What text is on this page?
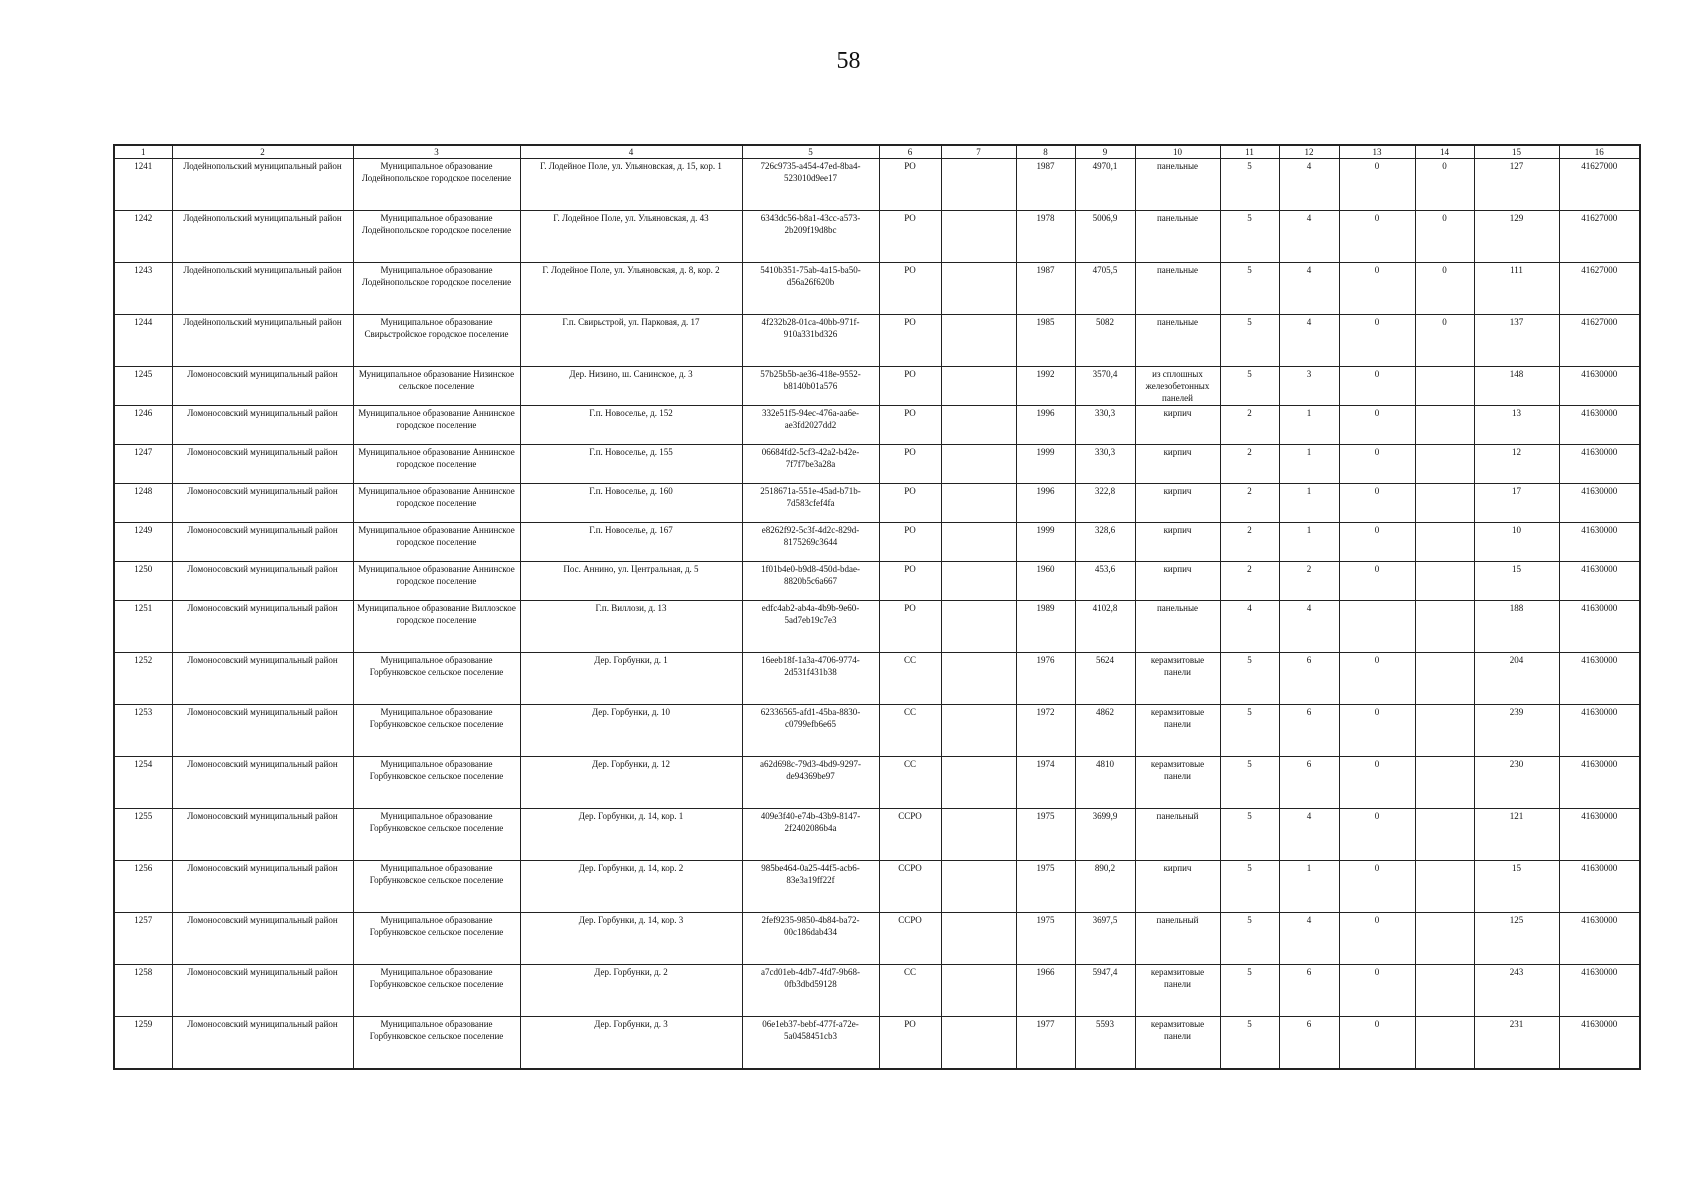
58
1	2	3	4	5	6	7	8	9	10	11	12	13	14	15	16
1241	Лодейнопольский муниципальный район	Муниципальное образование Лодейнопольское городское поселение	Г. Лодейное Поле, ул. Ульяновская, д. 15, кор. 1	726c9735-a454-47ed-8ba4-523010d9ee17	РО		1987	4970,1	панельные	5	4	0	0	127	41627000
1242	Лодейнопольский муниципальный район	Муниципальное образование Лодейнопольское городское поселение	Г. Лодейное Поле, ул. Ульяновская, д. 43	6343dc56-b8a1-43cc-a573-2b209f19d8bc	РО		1978	5006,9	панельные	5	4	0	0	129	41627000
1243	Лодейнопольский муниципальный район	Муниципальное образование Лодейнопольское городское поселение	Г. Лодейное Поле, ул. Ульяновская, д. 8, кор. 2	5410b351-75ab-4a15-ba50-d56a26f620b	РО		1987	4705,5	панельные	5	4	0	0	111	41627000
1244	Лодейнопольский муниципальный район	Муниципальное образование Свирьстройское городское поселение	Г.п. Свирьстрой, ул. Парковая, д. 17	4f232b28-01ca-40bb-971f-910a331bd326	РО		1985	5082	панельные	5	4	0	0	137	41627000
1245	Ломоносовский муниципальный район	Муниципальное образование Низинское сельское поселение	Дер. Низино, ш. Санинское, д. 3	57b25b5b-ae36-418e-9552-b8140b01a576	РО		1992	3570,4	из сплошных железобетонных панелей	5	3	0		148	41630000
1246	Ломоносовский муниципальный район	Муниципальное образование Аннинское городское поселение	Г.п. Новоселье, д. 152	332e51f5-94ec-476a-aa6e-ae3fd2027dd2	РО		1996	330,3	кирпич	2	1	0		13	41630000
1247	Ломоносовский муниципальный район	Муниципальное образование Аннинское городское поселение	Г.п. Новоселье, д. 155	06684fd2-5cf3-42a2-b42e-7f7f7be3a28a	РО		1999	330,3	кирпич	2	1	0		12	41630000
1248	Ломоносовский муниципальный район	Муниципальное образование Аннинское городское поселение	Г.п. Новоселье, д. 160	2518671a-551e-45ad-b71b-7d583cfef4fa	РО		1996	322,8	кирпич	2	1	0		17	41630000
1249	Ломоносовский муниципальный район	Муниципальное образование Аннинское городское поселение	Г.п. Новоселье, д. 167	e8262f92-5c3f-4d2c-829d-8175269c3644	РО		1999	328,6	кирпич	2	1	0		10	41630000
1250	Ломоносовский муниципальный район	Муниципальное образование Аннинское городское поселение	Пос. Аннино, ул. Центральная, д. 5	1f01b4e0-b9d8-450d-bdae-8820b5c6a667	РО		1960	453,6	кирпич	2	2	0		15	41630000
1251	Ломоносовский муниципальный район	Муниципальное образование Виллозское городское поселение	Г.п. Виллози, д. 13	edfc4ab2-ab4a-4b9b-9e60-5ad7eb19c7e3	РО		1989	4102,8	панельные	4	4			188	41630000
1252	Ломоносовский муниципальный район	Муниципальное образование Горбунковское сельское поселение	Дер. Горбунки, д. 1	16eeb18f-1a3a-4706-9774-2d531f431b38	СС		1976	5624	керамзитовые панели	5	6	0		204	41630000
1253	Ломоносовский муниципальный район	Муниципальное образование Горбунковское сельское поселение	Дер. Горбунки, д. 10	62336565-afd1-45ba-8830-c0799efb6e65	СС		1972	4862	керамзитовые панели	5	6	0		239	41630000
1254	Ломоносовский муниципальный район	Муниципальное образование Горбунковское сельское поселение	Дер. Горбунки, д. 12	a62d698c-79d3-4bd9-9297-de94369be97	СС		1974	4810	керамзитовые панели	5	6	0		230	41630000
1255	Ломоносовский муниципальный район	Муниципальное образование Горбунковское сельское поселение	Дер. Горбунки, д. 14, кор. 1	409e3f40-e74b-43b9-8147-2f2402086b4a	ССРО		1975	3699,9	панельный	5	4	0		121	41630000
1256	Ломоносовский муниципальный район	Муниципальное образование Горбунковское сельское поселение	Дер. Горбунки, д. 14, кор. 2	985be464-0a25-44f5-acb6-83e3a19ff22f	ССРО		1975	890,2	кирпич	5	1	0		15	41630000
1257	Ломоносовский муниципальный район	Муниципальное образование Горбунковское сельское поселение	Дер. Горбунки, д. 14, кор. 3	2fef9235-9850-4b84-ba72-00c186dab434	ССРО		1975	3697,5	панельный	5	4	0		125	41630000
1258	Ломоносовский муниципальный район	Муниципальное образование Горбунковское сельское поселение	Дер. Горбунки, д. 2	a7cd01eb-4db7-4fd7-9b68-0fb3dbd59128	СС		1966	5947,4	керамзитовые панели	5	6	0		243	41630000
1259	Ломоносовский муниципальный район	Муниципальное образование Горбунковское сельское поселение	Дер. Горбунки, д. 3	06e1eb37-bebf-477f-a72e-5a0458451cb3	РО		1977	5593	керамзитовые панели	5	6	0		231	41630000
